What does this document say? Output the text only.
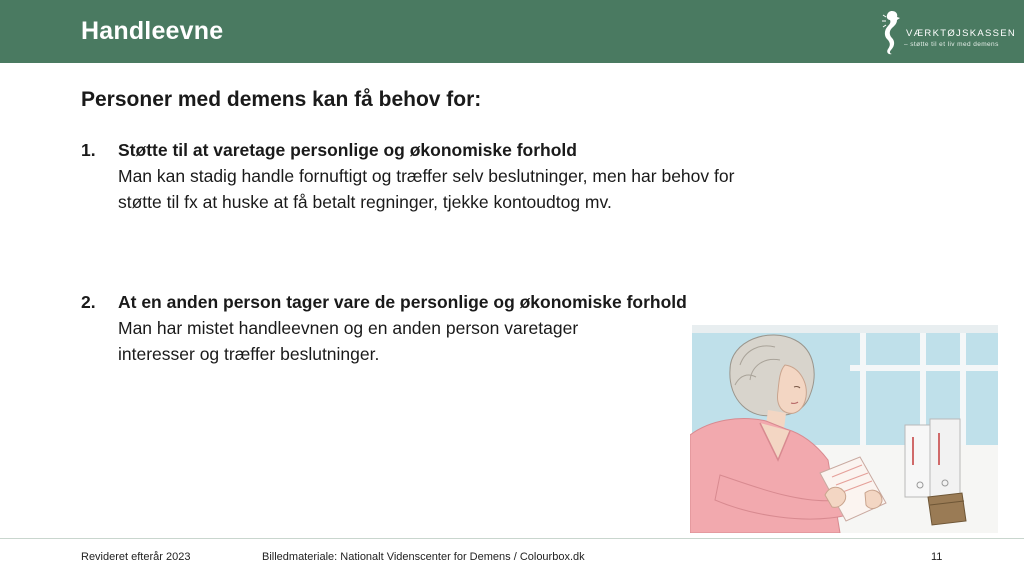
Handleevne	VÆRKTØJSKASSEN
– støtte til et liv med demens
Personer med demens kan få behov for:
1. Støtte til at varetage personlige og økonomiske forhold
Man kan stadig handle fornuftigt og træffer selv beslutninger, men har behov for støtte til fx at huske at få betalt regninger, tjekke kontoudtog mv.
2. At en anden person tager vare de personlige og økonomiske forhold
Man har mistet handleevnen og en anden person varetager interesser og træffer beslutninger.
Revideret efterår 2023	Billedmateriale: Nationalt Videnscenter for Demens / Colourbox.dk	11
